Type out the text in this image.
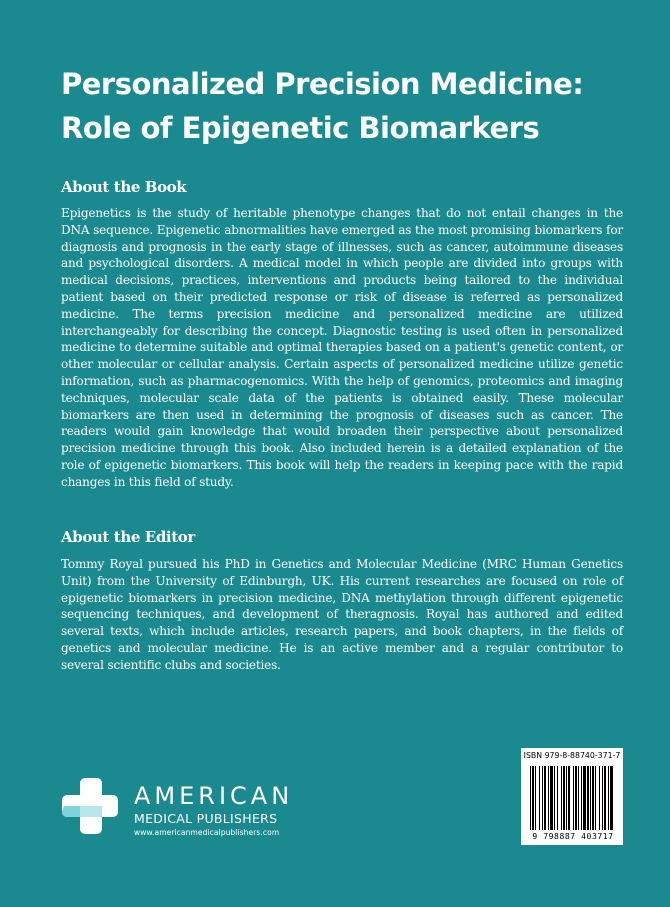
Personalized Precision Medicine:
Role of Epigenetic Biomarkers
About the Book

Epigenetics is the study of heritable phenotype changes that do not entail changes in the DNA sequence. Epigenetic abnormalities have emerged as the most promising biomarkers for diagnosis and prognosis in the early stage of illnesses, such as cancer, autoimmune diseases and psychological disorders. A medical model in which people are divided into groups with medical decisions, practices, interventions and products being tailored to the individual patient based on their predicted response or risk of disease is referred as personalized medicine. The terms precision medicine and personalized medicine are utilized interchangeably for describing the concept. Diagnostic testing is used often in personalized medicine to determine suitable and optimal therapies based on a patient's genetic content, or other molecular or cellular analysis. Certain aspects of personalized medicine utilize genetic information, such as pharmacogenomics. With the help of genomics, proteomics and imaging techniques, molecular scale data of the patients is obtained easily. These molecular biomarkers are then used in determining the prognosis of diseases such as cancer. The readers would gain knowledge that would broaden their perspective about personalized precision medicine through this book. Also included herein is a detailed explanation of the role of epigenetic biomarkers. This book will help the readers in keeping pace with the rapid changes in this field of study.

About the Editor

Tommy Royal pursued his PhD in Genetics and Molecular Medicine (MRC Human Genetics Unit) from the University of Edinburgh, UK. His current researches are focused on role of epigenetic biomarkers in precision medicine, DNA methylation through different epigenetic sequencing techniques, and development of theragnosis. Royal has authored and edited several texts, which include articles, research papers, and book chapters, in the fields of genetics and molecular medicine. He is an active member and a regular contributor to several scientific clubs and societies.

AMERICAN
MEDICAL PUBLISHERS
www.americanmedicalpublishers.com
ISBN 979-8-88740-371-7
9 798887 403717
